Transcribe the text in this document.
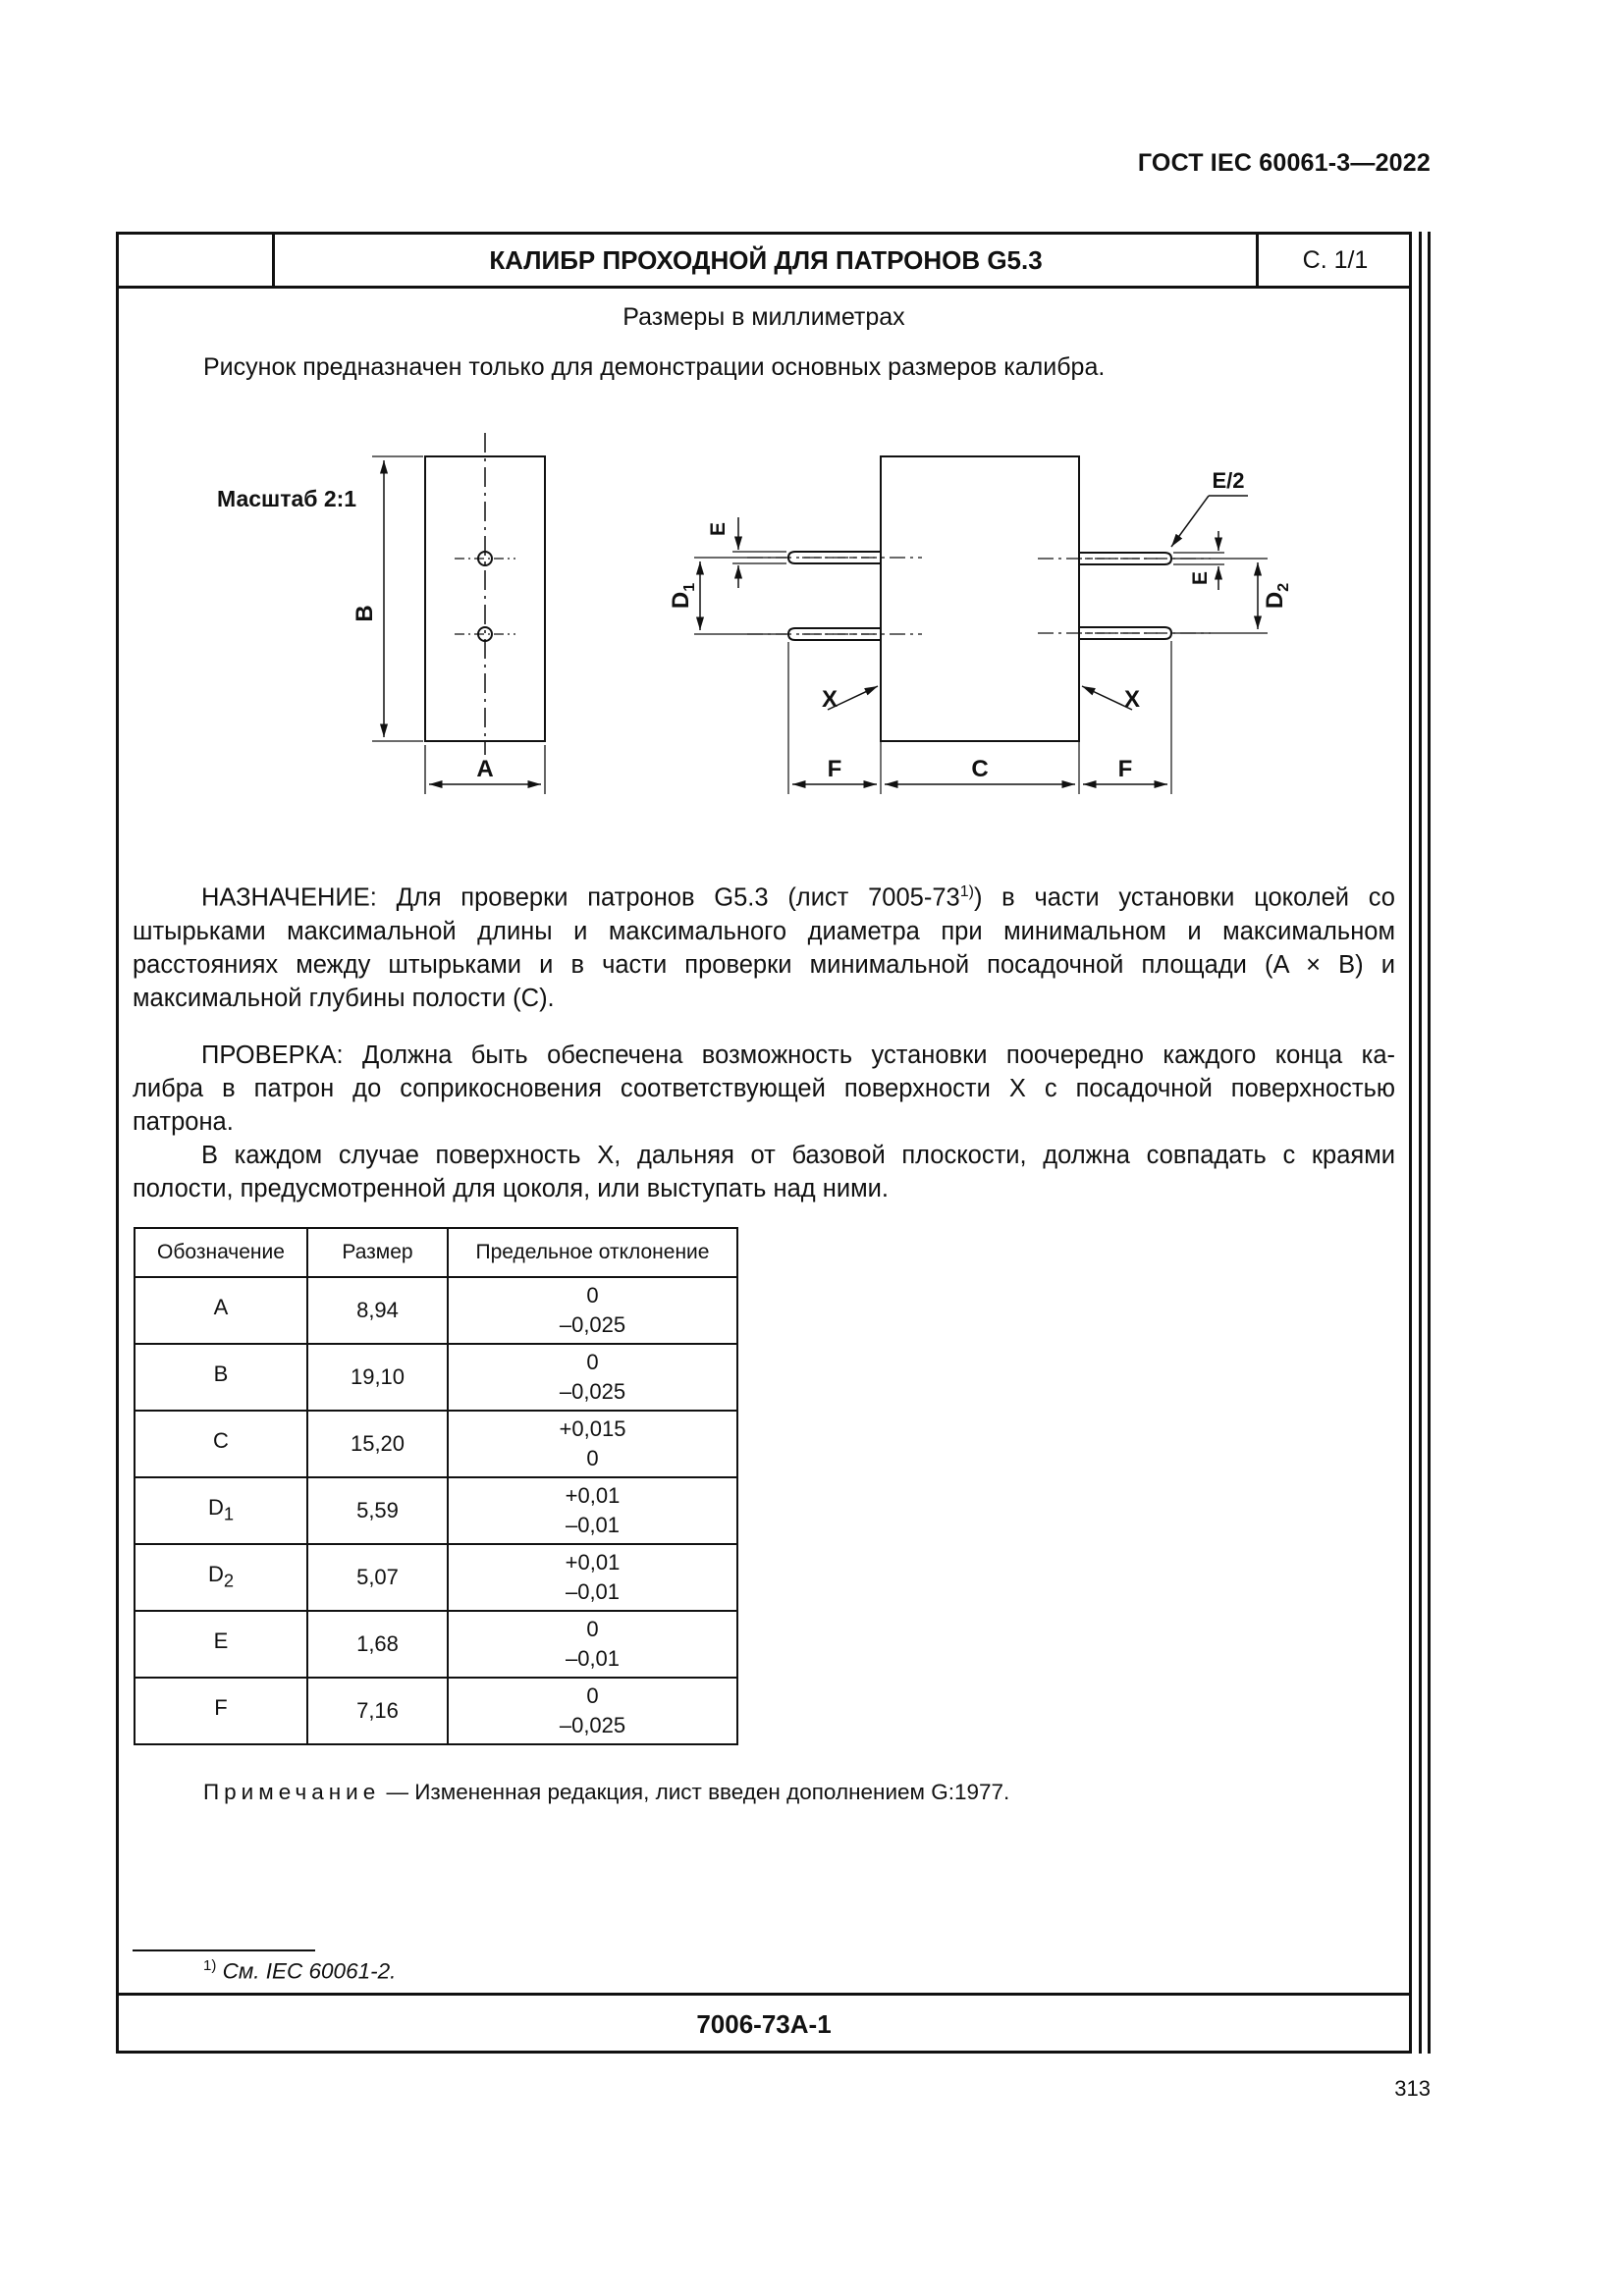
ГОСТ IEC 60061-3—2022
КАЛИБР ПРОХОДНОЙ ДЛЯ ПАТРОНОВ G5.3	С. 1/1
Размеры в миллиметрах
Рисунок предназначен только для демонстрации основных размеров калибра.
Масштаб 2:1
B
A
E
$D_1$
E/2
E
$D_2$
X	X
F	C	F

НАЗНАЧЕНИЕ: Для проверки патронов G5.3 (лист 7005-73$^{1)}$) в части установки цоколей со
штырьками максимальной длины и максимального диаметра при минимальном и максимальном
расстояниях между штырьками и в части проверки минимальной посадочной площади (A × B) и
максимальной глубины полости (С).

ПРОВЕРКА: Должна быть обеспечена возможность установки поочередно каждого конца ка-
либра в патрон до соприкосновения соответствующей поверхности X с посадочной поверхностью
патрона.
В каждом случае поверхность X, дальняя от базовой плоскости, должна совпадать с краями
полости, предусмотренной для цоколя, или выступать над ними.

Обозначение	Размер	Предельное отклонение
A	8,94	0
–0,025

B	19,10	0
–0,025

C	15,20	+0,015
0

$D_1$	5,59	+0,01
–0,01

$D_2$	5,07	+0,01
–0,01

E	1,68	0
–0,01

F	7,16	0
–0,025
Примечание — Измененная редакция, лист введен дополнением G:1977.
$^{1)}$ См. IEC 60061-2.
7006-73A-1
313
